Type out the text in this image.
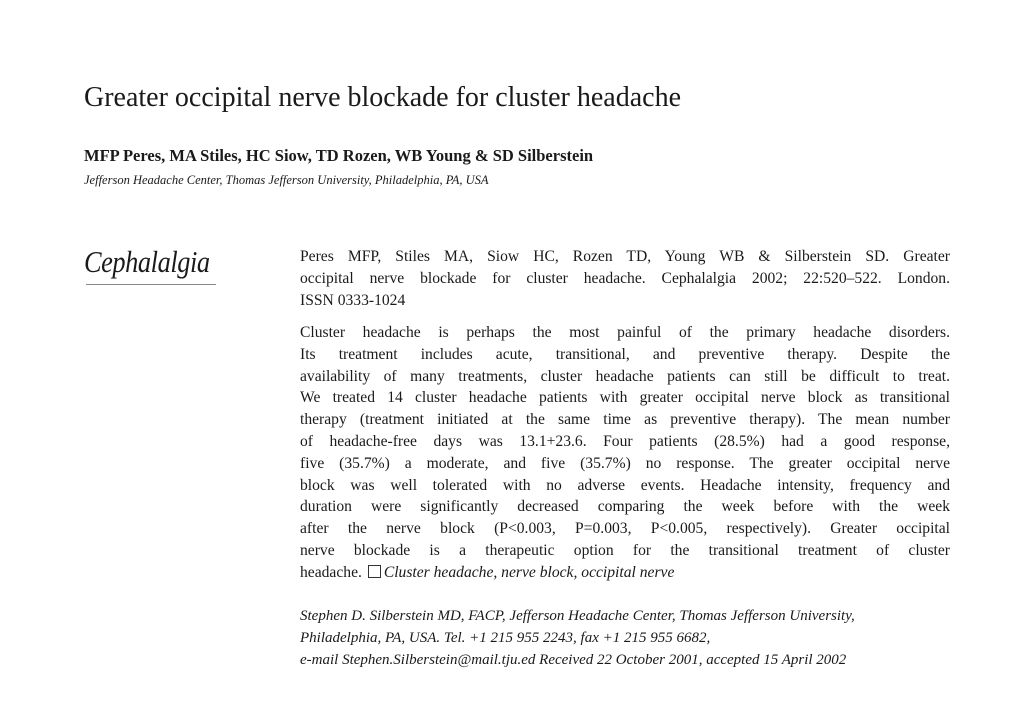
Greater occipital nerve blockade for cluster headache
MFP Peres, MA Stiles, HC Siow, TD Rozen, WB Young & SD Silberstein
Jefferson Headache Center, Thomas Jefferson University, Philadelphia, PA, USA
Cephalalgia	Peres MFP, Stiles MA, Siow HC, Rozen TD, Young WB & Silberstein SD. Greater
occipital nerve blockade for cluster headache. Cephalalgia 2002; 22:520–522. London.
ISSN 0333-1024
Cluster headache is perhaps the most painful of the primary headache disorders.
Its treatment includes acute, transitional, and preventive therapy. Despite the
availability of many treatments, cluster headache patients can still be difficult to treat.
We treated 14 cluster headache patients with greater occipital nerve block as transitional
therapy (treatment initiated at the same time as preventive therapy). The mean number
of headache-free days was 13.1+23.6. Four patients (28.5%) had a good response,
five (35.7%) a moderate, and five (35.7%) no response. The greater occipital nerve
block was well tolerated with no adverse events. Headache intensity, frequency and
duration were significantly decreased comparing the week before with the week
after the nerve block (P<0.003, P=0.003, P<0.005, respectively). Greater occipital
nerve blockade is a therapeutic option for the transitional treatment of cluster
headache. Cluster headache, nerve block, occipital nerve
Stephen D. Silberstein MD, FACP, Jefferson Headache Center, Thomas Jefferson University,
Philadelphia, PA, USA. Tel. +1 215 955 2243, fax +1 215 955 6682,
e-mail Stephen.Silberstein@mail.tju.ed Received 22 October 2001, accepted 15 April 2002
